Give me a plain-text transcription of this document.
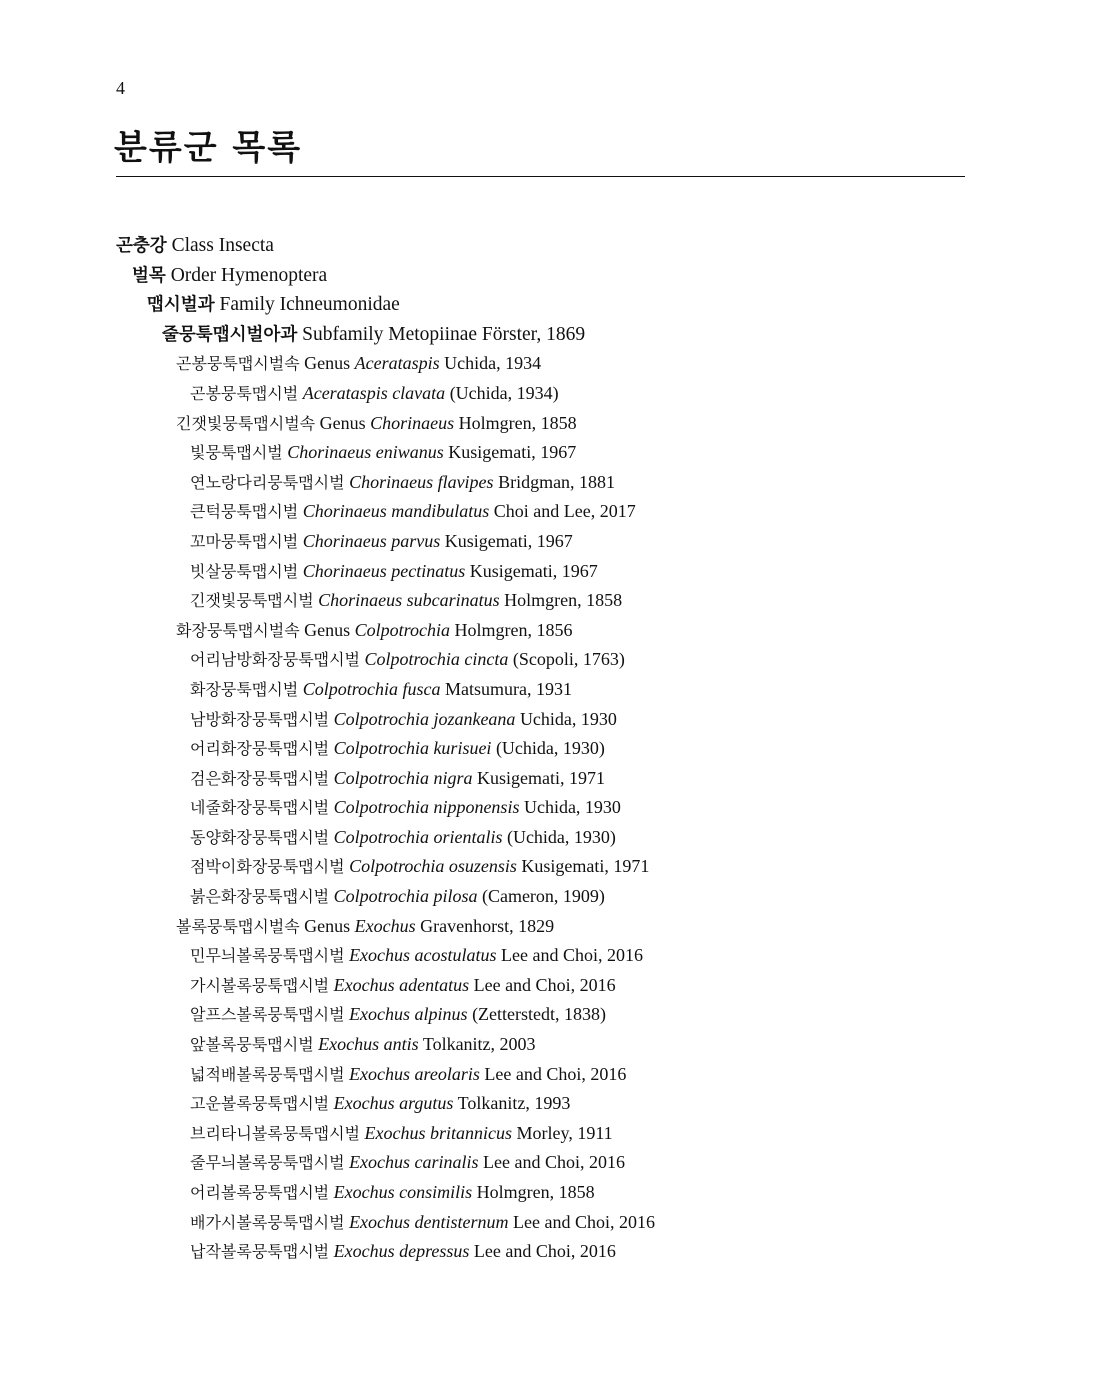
4
분류군 목록
곤충강 Class Insecta
벌목 Order Hymenoptera
맵시벌과 Family Ichneumonidae
줄뭉툭맵시벌아과 Subfamily Metopiinae Förster, 1869
곤봉뭉툭맵시벌속 Genus Acerataspis Uchida, 1934
곤봉뭉툭맵시벌 Acerataspis clavata (Uchida, 1934)
긴잿빛뭉툭맵시벌속 Genus Chorinaeus Holmgren, 1858
빛뭉툭맵시벌 Chorinaeus eniwanus Kusigemati, 1967
연노랑다리뭉툭맵시벌 Chorinaeus flavipes Bridgman, 1881
큰턱뭉툭맵시벌 Chorinaeus mandibulatus Choi and Lee, 2017
꼬마뭉툭맵시벌 Chorinaeus parvus Kusigemati, 1967
빗살뭉툭맵시벌 Chorinaeus pectinatus Kusigemati, 1967
긴잿빛뭉툭맵시벌 Chorinaeus subcarinatus Holmgren, 1858
화장뭉툭맵시벌속 Genus Colpotrochia Holmgren, 1856
어리남방화장뭉툭맵시벌 Colpotrochia cincta (Scopoli, 1763)
화장뭉툭맵시벌 Colpotrochia fusca Matsumura, 1931
남방화장뭉툭맵시벌 Colpotrochia jozankeana Uchida, 1930
어리화장뭉툭맵시벌 Colpotrochia kurisuei (Uchida, 1930)
검은화장뭉툭맵시벌 Colpotrochia nigra Kusigemati, 1971
네줄화장뭉툭맵시벌 Colpotrochia nipponensis Uchida, 1930
동양화장뭉툭맵시벌 Colpotrochia orientalis (Uchida, 1930)
점박이화장뭉툭맵시벌 Colpotrochia osuzensis Kusigemati, 1971
붉은화장뭉툭맵시벌 Colpotrochia pilosa (Cameron, 1909)
볼록뭉툭맵시벌속 Genus Exochus Gravenhorst, 1829
민무늬볼록뭉툭맵시벌 Exochus acostulatus Lee and Choi, 2016
가시볼록뭉툭맵시벌 Exochus adentatus Lee and Choi, 2016
알프스볼록뭉툭맵시벌 Exochus alpinus (Zetterstedt, 1838)
앞볼록뭉툭맵시벌 Exochus antis Tolkanitz, 2003
넓적배볼록뭉툭맵시벌 Exochus areolaris Lee and Choi, 2016
고운볼록뭉툭맵시벌 Exochus argutus Tolkanitz, 1993
브리타니볼록뭉툭맵시벌 Exochus britannicus Morley, 1911
줄무늬볼록뭉툭맵시벌 Exochus carinalis Lee and Choi, 2016
어리볼록뭉툭맵시벌 Exochus consimilis Holmgren, 1858
배가시볼록뭉툭맵시벌 Exochus dentisternum Lee and Choi, 2016
납작볼록뭉툭맵시벌 Exochus depressus Lee and Choi, 2016
